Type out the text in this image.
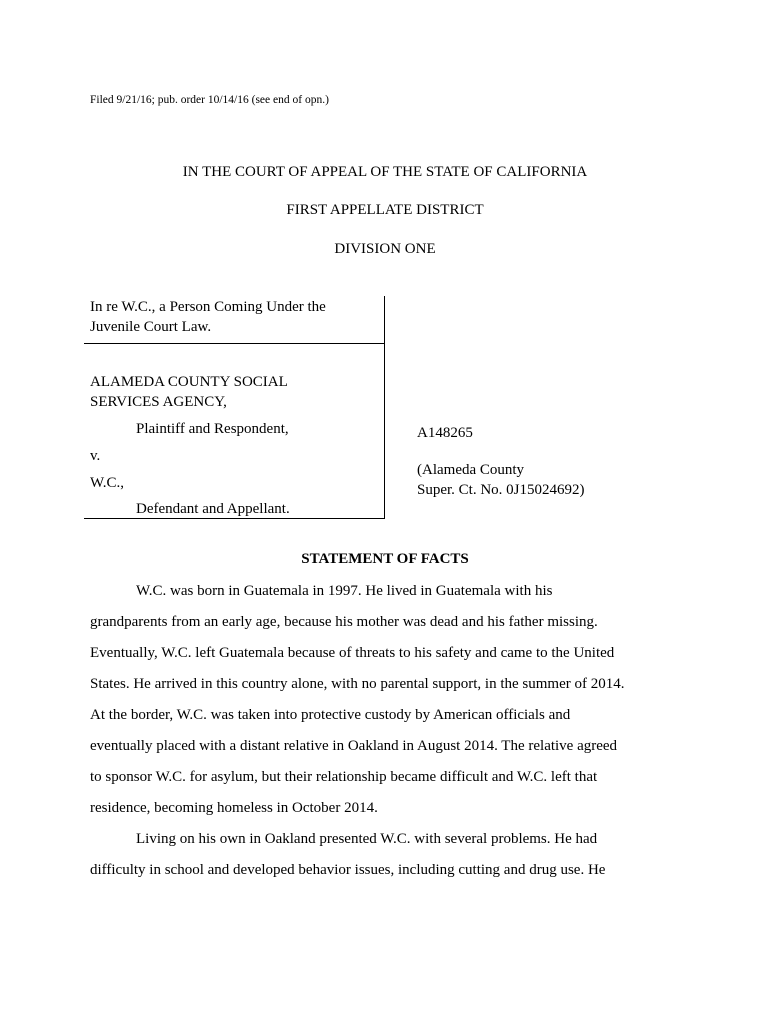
Filed 9/21/16; pub. order 10/14/16 (see end of opn.)
IN THE COURT OF APPEAL OF THE STATE OF CALIFORNIA
FIRST APPELLATE DISTRICT
DIVISION ONE
In re W.C., a Person Coming Under the
Juvenile Court Law.
ALAMEDA COUNTY SOCIAL
SERVICES AGENCY,
Plaintiff and Respondent,
v.
W.C.,
Defendant and Appellant.
A148265
(Alameda County
Super. Ct. No. 0J15024692)
STATEMENT OF FACTS
W.C. was born in Guatemala in 1997. He lived in Guatemala with his
grandparents from an early age, because his mother was dead and his father missing.
Eventually, W.C. left Guatemala because of threats to his safety and came to the United
States. He arrived in this country alone, with no parental support, in the summer of 2014.
At the border, W.C. was taken into protective custody by American officials and
eventually placed with a distant relative in Oakland in August 2014. The relative agreed
to sponsor W.C. for asylum, but their relationship became difficult and W.C. left that
residence, becoming homeless in October 2014.
Living on his own in Oakland presented W.C. with several problems. He had
difficulty in school and developed behavior issues, including cutting and drug use. He
